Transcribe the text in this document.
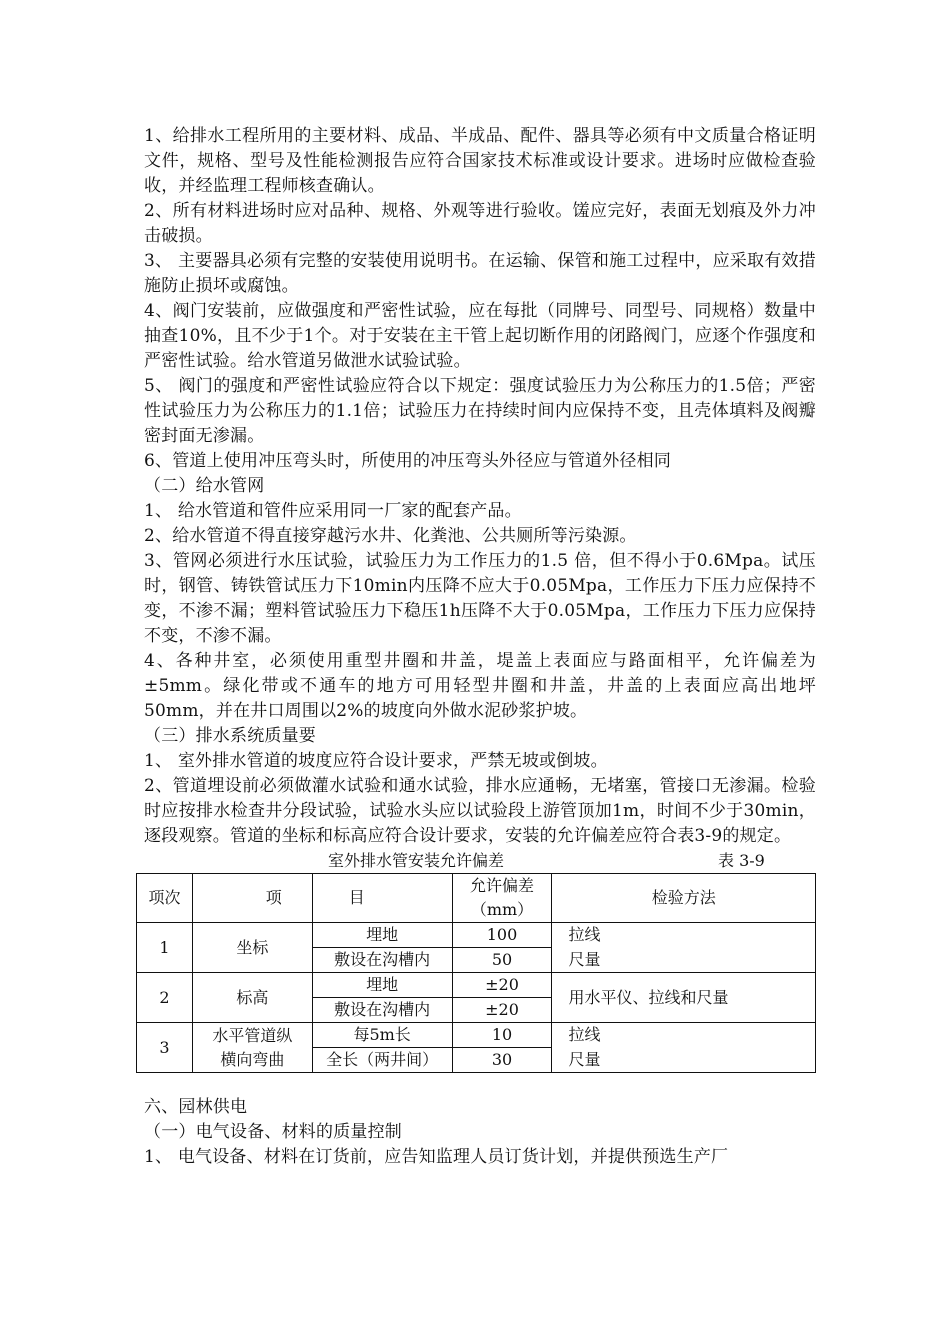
1、给排水工程所用的主要材料、成品、半成品、配件、器具等必须有中文质量合格证明文件，规格、型号及性能检测报告应符合国家技术标准或设计要求。进场时应做检查验收，并经监理工程师核查确认。

2、所有材料进场时应对品种、规格、外观等进行验收。馐应完好，表面无划痕及外力冲击破损。

3、 主要器具必须有完整的安装使用说明书。在运输、保管和施工过程中，应采取有效措施防止损坏或腐蚀。

4、阀门安装前，应做强度和严密性试验，应在每批（同牌号、同型号、同规格）数量中抽查10%，且不少于1个。对于安装在主干管上起切断作用的闭路阀门，应逐个作强度和严密性试验。给水管道另做泄水试验试验。

5、 阀门的强度和严密性试验应符合以下规定：强度试验压力为公称压力的1.5倍；严密性试验压力为公称压力的1.1倍；试验压力在持续时间内应保持不变，且壳体填料及阀瓣密封面无渗漏。

6、管道上使用冲压弯头时，所使用的冲压弯头外径应与管道外径相同

（二）给水管网

1、 给水管道和管件应采用同一厂家的配套产品。

2、给水管道不得直接穿越污水井、化粪池、公共厕所等污染源。

3、管网必须进行水压试验，试验压力为工作压力的1.5 倍，但不得小于0.6Mpa。试压时，钢管、铸铁管试压力下10min内压降不应大于0.05Mpa，工作压力下压力应保持不变，不渗不漏；塑料管试验压力下稳压1h压降不大于0.05Mpa，工作压力下压力应保持不变，不渗不漏。

4、各种井室，必须使用重型井圈和井盖，堤盖上表面应与路面相平，允许偏差为±5mm。绿化带或不通车的地方可用轻型井圈和井盖，井盖的上表面应高出地坪50mm，并在井口周围以2%的坡度向外做水泥砂浆护坡。

（三）排水系统质量要

1、 室外排水管道的坡度应符合设计要求，严禁无坡或倒坡。

2、管道埋设前必须做灌水试验和通水试验，排水应通畅，无堵塞，管接口无渗漏。检验时应按排水检查井分段试验，试验水头应以试验段上游管顶加1m，时间不少于30min，逐段观察。管道的坐标和标高应符合设计要求，安装的允许偏差应符合表3-9的规定。

室外排水管安装允许偏差	表 3-9
项次	项	目	允许偏差（mm）	检验方法
1	坐标	埋地	100	拉线
		敷设在沟槽内	50	尺量
2	标高	埋地	±20	用水平仪、拉线和尺量
		敷设在沟槽内	±20	
3	水平管道纵横向弯曲	每5m长	10	拉线
		全长（两井间）	30	尺量

六、园林供电

（一）电气设备、材料的质量控制

1、 电气设备、材料在订货前，应告知监理人员订货计划，并提供预选生产厂
